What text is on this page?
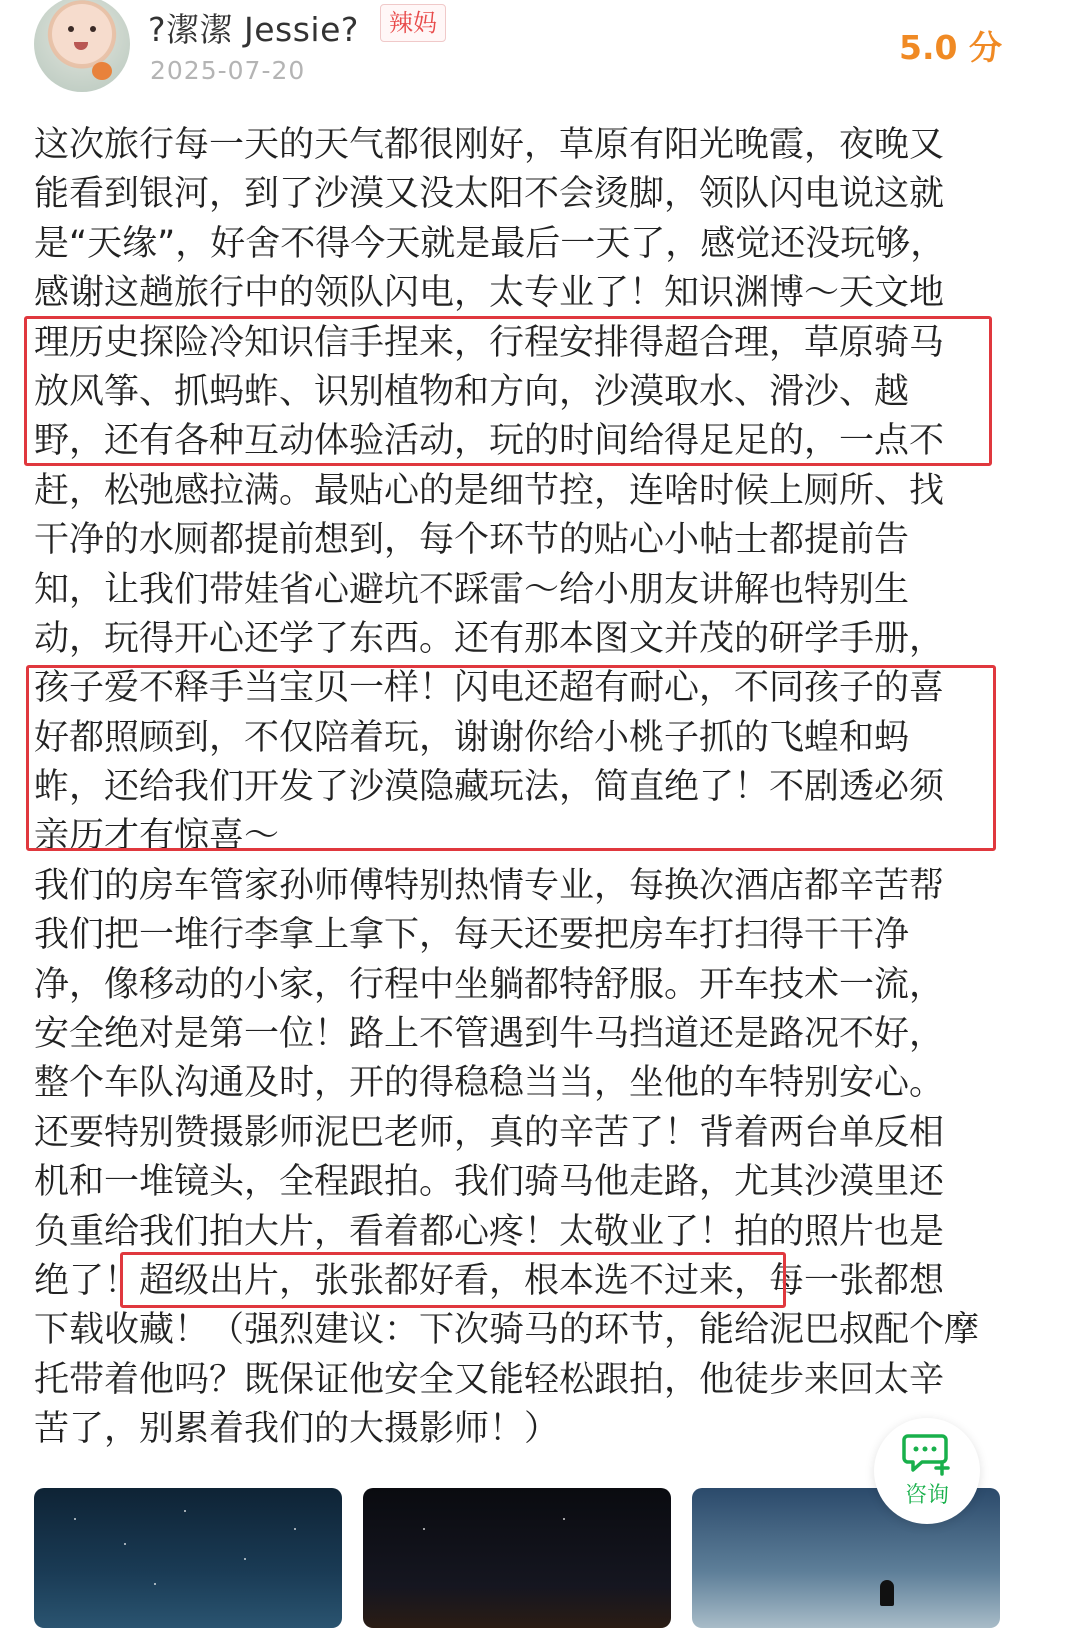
?潔潔 Jessie?	辣妈
2025-07-20
5.0 分
这次旅行每一天的天气都很刚好，草原有阳光晚霞，夜晚又
能看到银河，到了沙漠又没太阳不会烫脚，领队闪电说这就
是“天缘”，好舍不得今天就是最后一天了，感觉还没玩够，
感谢这趟旅行中的领队闪电，太专业了！知识渊博～天文地
理历史探险冷知识信手捏来，行程安排得超合理，草原骑马
放风筝、抓蚂蚱、识别植物和方向，沙漠取水、滑沙、越
野，还有各种互动体验活动，玩的时间给得足足的，一点不
赶，松弛感拉满。最贴心的是细节控，连啥时候上厕所、找
干净的水厕都提前想到，每个环节的贴心小帖士都提前告
知，让我们带娃省心避坑不踩雷～给小朋友讲解也特别生
动，玩得开心还学了东西。还有那本图文并茂的研学手册，
孩子爱不释手当宝贝一样！闪电还超有耐心，不同孩子的喜
好都照顾到，不仅陪着玩，谢谢你给小桃子抓的飞蝗和蚂
蚱，还给我们开发了沙漠隐藏玩法，简直绝了！不剧透必须
亲历才有惊喜～
我们的房车管家孙师傅特别热情专业，每换次酒店都辛苦帮
我们把一堆行李拿上拿下，每天还要把房车打扫得干干净
净，像移动的小家，行程中坐躺都特舒服。开车技术一流，
安全绝对是第一位！路上不管遇到牛马挡道还是路况不好，
整个车队沟通及时，开的得稳稳当当，坐他的车特别安心。
还要特别赞摄影师泥巴老师，真的辛苦了！背着两台单反相
机和一堆镜头，全程跟拍。我们骑马他走路，尤其沙漠里还
负重给我们拍大片，看着都心疼！太敬业了！拍的照片也是
绝了！超级出片，张张都好看，根本选不过来，每一张都想
下载收藏！（强烈建议：下次骑马的环节，能给泥巴叔配个摩
托带着他吗？既保证他安全又能轻松跟拍，他徒步来回太辛
苦了，别累着我们的大摄影师！）
咨询
